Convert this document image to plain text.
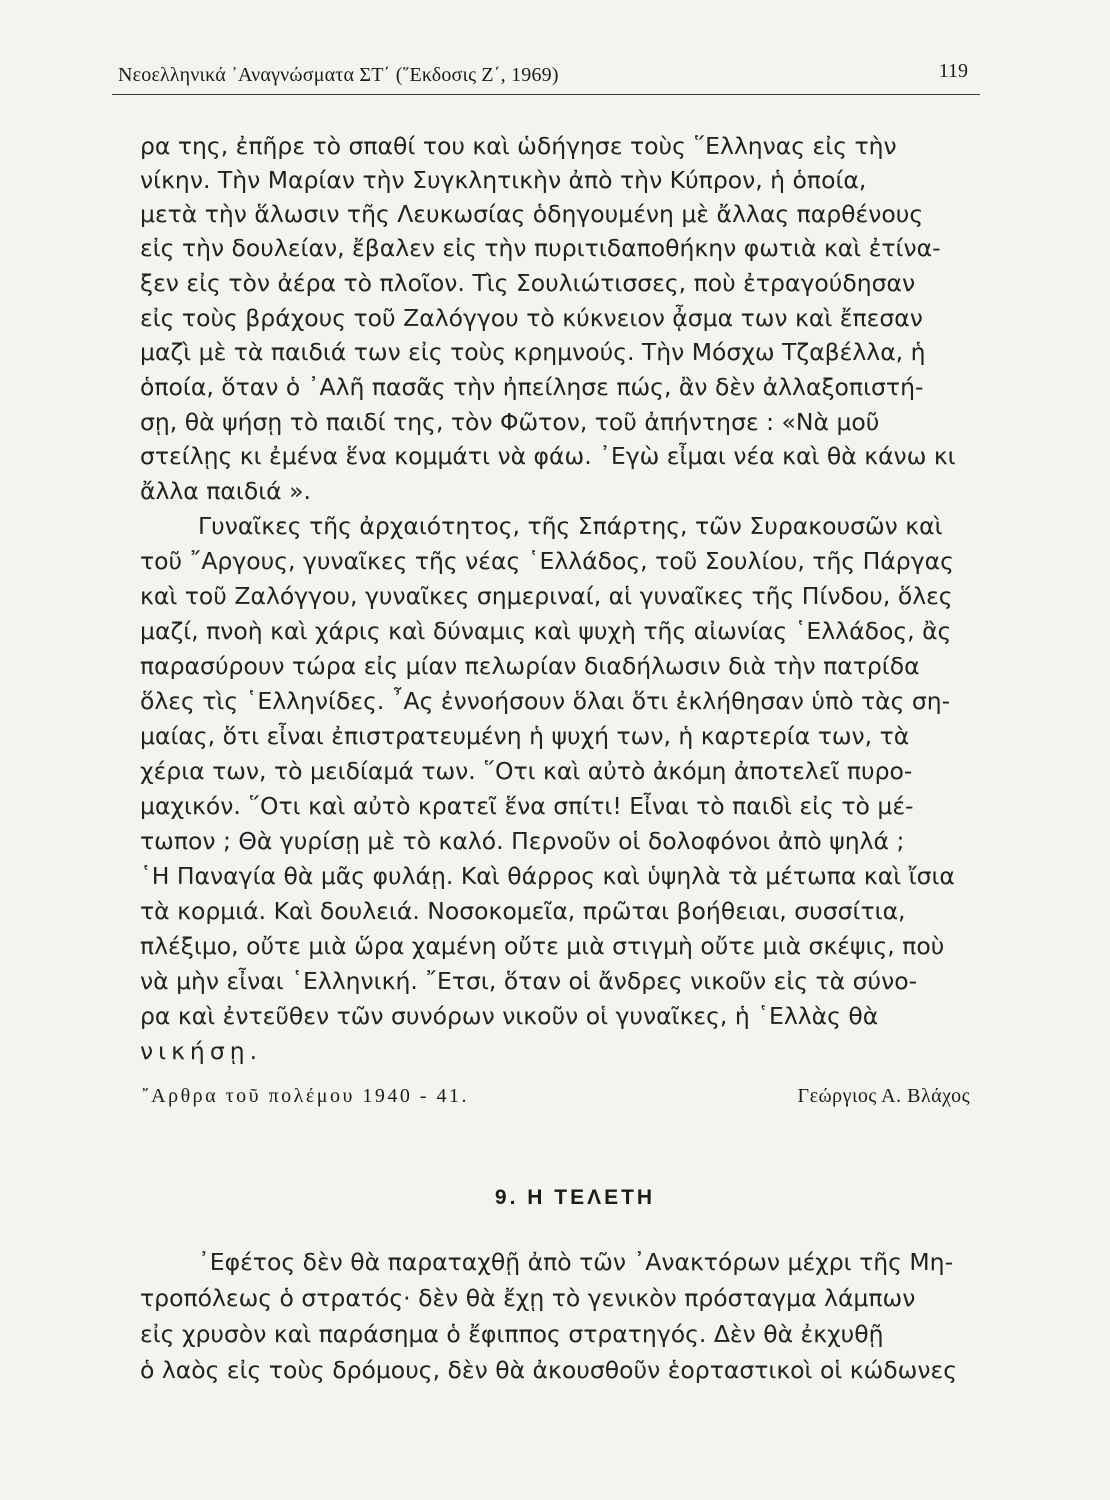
Νεοελληνικά ᾿Αναγνώσματα ΣΤ΄ (῞Εκδοσις Ζ΄, 1969)	119
ρα της, ἐπῆρε τὸ σπαθί του καὶ ὡδήγησε τοὺς ῞Ελληνας εἰς τὴν
νίκην. Τὴν Μαρίαν τὴν Συγκλητικὴν ἀπὸ τὴν Κύπρον, ἡ ὁποία,
μετὰ τὴν ἅλωσιν τῆς Λευκωσίας ὁδηγουμένη μὲ ἄλλας παρθένους
εἰς τὴν δουλείαν, ἔβαλεν εἰς τὴν πυριτιδαποθήκην φωτιὰ καὶ ἐτίνα-
ξεν εἰς τὸν ἀέρα τὸ πλοῖον. Τὶς Σουλιώτισσες, ποὺ ἐτραγούδησαν
εἰς τοὺς βράχους τοῦ Ζαλόγγου τὸ κύκνειον ᾆσμα των καὶ ἔπεσαν
μαζὶ μὲ τὰ παιδιά των εἰς τοὺς κρημνούς. Τὴν Μόσχω Τζαβέλλα, ἡ
ὁποία, ὅταν ὁ ᾿Αλῆ πασᾶς τὴν ἠπείλησε πώς, ἂν δὲν ἀλλαξοπιστή-
σῃ, θὰ ψήσῃ τὸ παιδί της, τὸν Φῶτον, τοῦ ἀπήντησε : «Νὰ μοῦ
στείλῃς κι ἐμένα ἕνα κομμάτι νὰ φάω. ᾿Εγὼ εἶμαι νέα καὶ θὰ κάνω κι
ἄλλα παιδιά ».
Γυναῖκες τῆς ἀρχαιότητος, τῆς Σπάρτης, τῶν Συρακουσῶν καὶ
τοῦ ῎Αργους, γυναῖκες τῆς νέας ῾Ελλάδος, τοῦ Σουλίου, τῆς Πάργας
καὶ τοῦ Ζαλόγγου, γυναῖκες σημεριναί, αἱ γυναῖκες τῆς Πίνδου, ὅλες
μαζί, πνοὴ καὶ χάρις καὶ δύναμις καὶ ψυχὴ τῆς αἰωνίας ῾Ελλάδος, ἂς
παρασύρουν τώρα εἰς μίαν πελωρίαν διαδήλωσιν διὰ τὴν πατρίδα
ὅλες τὶς ῾Ελληνίδες. ῏Ας ἐννοήσουν ὅλαι ὅτι ἐκλήθησαν ὑπὸ τὰς ση-
μαίας, ὅτι εἶναι ἐπιστρατευμένη ἡ ψυχή των, ἡ καρτερία των, τὰ
χέρια των, τὸ μειδίαμά των. ῞Οτι καὶ αὐτὸ ἀκόμη ἀποτελεῖ πυρο-
μαχικόν. ῞Οτι καὶ αὐτὸ κρατεῖ ἕνα σπίτι! Εἶναι τὸ παιδὶ εἰς τὸ μέ-
τωπον ; Θὰ γυρίσῃ μὲ τὸ καλό. Περνοῦν οἱ δολοφόνοι ἀπὸ ψηλά ;
῾Η Παναγία θὰ μᾶς φυλάῃ. Καὶ θάρρος καὶ ὑψηλὰ τὰ μέτωπα καὶ ἴσια
τὰ κορμιά. Καὶ δουλειά. Νοσοκομεῖα, πρῶται βοήθειαι, συσσίτια,
πλέξιμο, οὔτε μιὰ ὥρα χαμένη οὔτε μιὰ στιγμὴ οὔτε μιὰ σκέψις, ποὺ
νὰ μὴν εἶναι ῾Ελληνική. ῎Ετσι, ὅταν οἱ ἄνδρες νικοῦν εἰς τὰ σύνο-
ρα καὶ ἐντεῦθεν τῶν συνόρων νικοῦν οἱ γυναῖκες, ἡ ῾Ελλὰς θὰ
νικήσῃ.
῎Αρθρα τοῦ πολέμου 1940 - 41.	Γεώργιος Α. Βλάχος
9. Η ΤΕΛΕΤΗ
᾿Εφέτος δὲν θὰ παραταχθῇ ἀπὸ τῶν ᾿Ανακτόρων μέχρι τῆς Μη-
τροπόλεως ὁ στρατός· δὲν θὰ ἔχῃ τὸ γενικὸν πρόσταγμα λάμπων
εἰς χρυσὸν καὶ παράσημα ὁ ἔφιππος στρατηγός. Δὲν θὰ ἐκχυθῇ
ὁ λαὸς εἰς τοὺς δρόμους, δὲν θὰ ἀκουσθοῦν ἑορταστικοὶ οἱ κώδωνες
